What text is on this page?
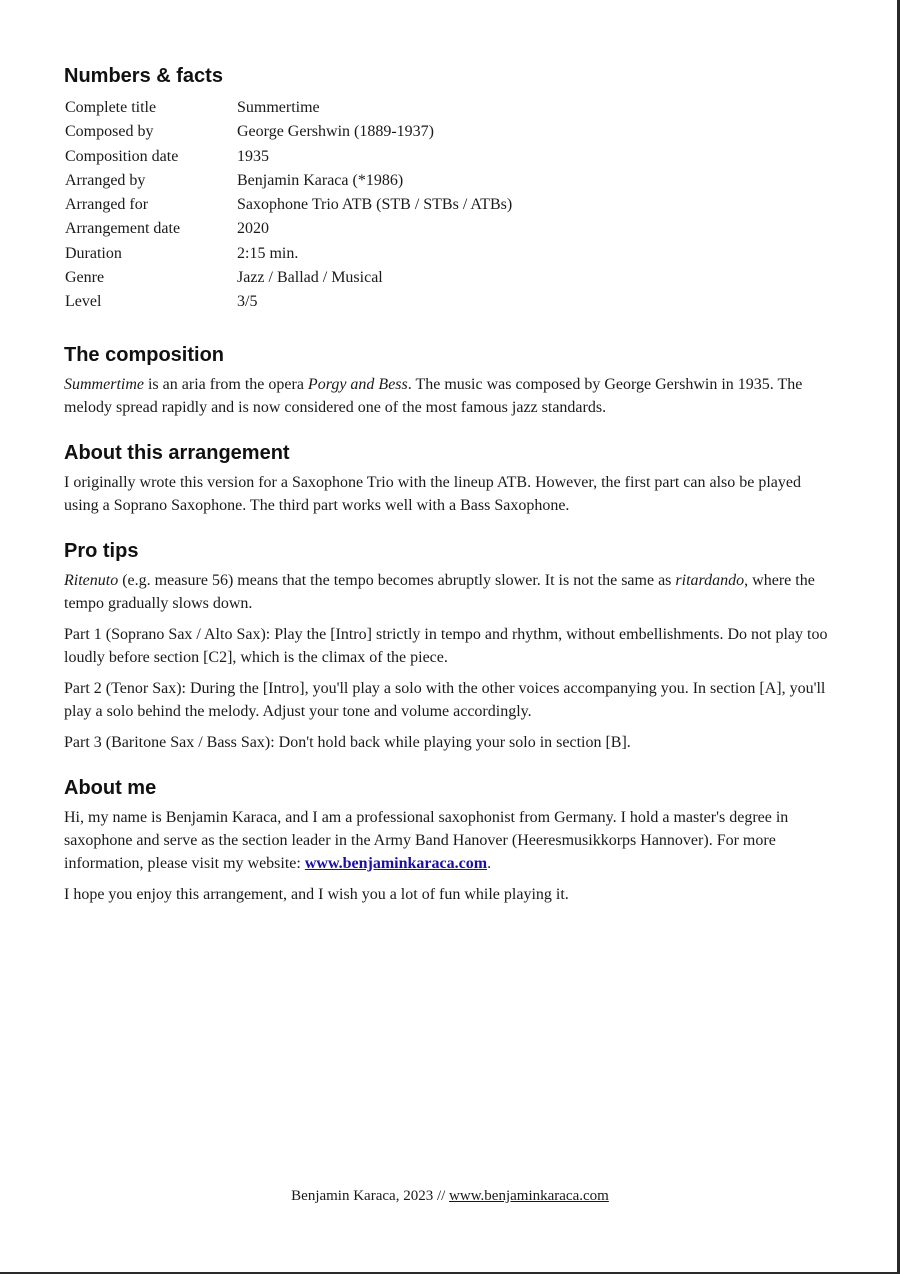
Numbers & facts
Complete title	Summertime
Composed by	George Gershwin (1889-1937)
Composition date	1935
Arranged by	Benjamin Karaca (*1986)
Arranged for	Saxophone Trio ATB (STB / STBs / ATBs)
Arrangement date	2020
Duration	2:15 min.
Genre	Jazz / Ballad / Musical
Level	3/5
The composition

Summertime is an aria from the opera Porgy and Bess. The music was composed by George Gershwin in 1935. The melody spread rapidly and is now considered one of the most famous jazz standards.

About this arrangement

I originally wrote this version for a Saxophone Trio with the lineup ATB. However, the first part can also be played using a Soprano Saxophone. The third part works well with a Bass Saxophone.

Pro tips

Ritenuto (e.g. measure 56) means that the tempo becomes abruptly slower. It is not the same as ritardando, where the tempo gradually slows down.

Part 1 (Soprano Sax / Alto Sax): Play the [Intro] strictly in tempo and rhythm, without embellishments. Do not play too loudly before section [C2], which is the climax of the piece.

Part 2 (Tenor Sax): During the [Intro], you'll play a solo with the other voices accompanying you. In section [A], you'll play a solo behind the melody. Adjust your tone and volume accordingly.

Part 3 (Baritone Sax / Bass Sax): Don't hold back while playing your solo in section [B].

About me

Hi, my name is Benjamin Karaca, and I am a professional saxophonist from Germany. I hold a master's degree in saxophone and serve as the section leader in the Army Band Hanover (Heeresmusikkorps Hannover). For more information, please visit my website: www.benjaminkaraca.com.

I hope you enjoy this arrangement, and I wish you a lot of fun while playing it.

Benjamin Karaca, 2023 // www.benjaminkaraca.com
